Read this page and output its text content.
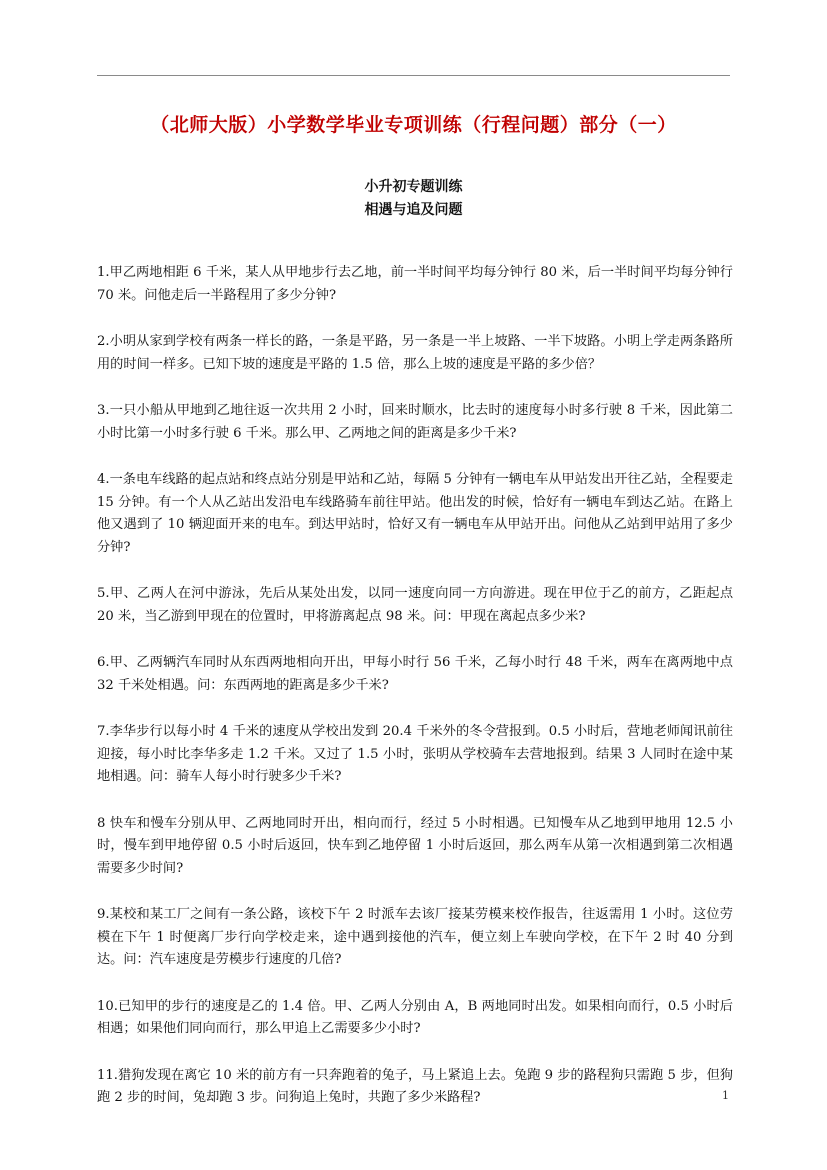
（北师大版）小学数学毕业专项训练（行程问题）部分（一）
小升初专题训练
相遇与追及问题

1.甲乙两地相距 6 千米，某人从甲地步行去乙地，前一半时间平均每分钟行 80 米，后一半时间平均每分钟行 70 米。问他走后一半路程用了多少分钟?

2.小明从家到学校有两条一样长的路，一条是平路，另一条是一半上坡路、一半下坡路。小明上学走两条路所用的时间一样多。已知下坡的速度是平路的 1.5 倍，那么上坡的速度是平路的多少倍？

3.一只小船从甲地到乙地往返一次共用 2 小时，回来时顺水，比去时的速度每小时多行驶 8 千米，因此第二小时比第一小时多行驶 6 千米。那么甲、乙两地之间的距离是多少千米?

4.一条电车线路的起点站和终点站分别是甲站和乙站，每隔 5 分钟有一辆电车从甲站发出开往乙站，全程要走 15 分钟。有一个人从乙站出发沿电车线路骑车前往甲站。他出发的时候，恰好有一辆电车到达乙站。在路上他又遇到了 10 辆迎面开来的电车。到达甲站时，恰好又有一辆电车从甲站开出。问他从乙站到甲站用了多少分钟?

5.甲、乙两人在河中游泳，先后从某处出发，以同一速度向同一方向游进。现在甲位于乙的前方，乙距起点 20 米，当乙游到甲现在的位置时，甲将游离起点 98 米。问：甲现在离起点多少米?

6.甲、乙两辆汽车同时从东西两地相向开出，甲每小时行 56 千米，乙每小时行 48 千米，两车在离两地中点 32 千米处相遇。问：东西两地的距离是多少千米?

7.李华步行以每小时 4 千米的速度从学校出发到 20.4 千米外的冬令营报到。0.5 小时后，营地老师闻讯前往迎接，每小时比李华多走 1.2 千米。又过了 1.5 小时，张明从学校骑车去营地报到。结果 3 人同时在途中某地相遇。问：骑车人每小时行驶多少千米?

8 快车和慢车分别从甲、乙两地同时开出，相向而行，经过 5 小时相遇。已知慢车从乙地到甲地用 12.5 小时，慢车到甲地停留 0.5 小时后返回，快车到乙地停留 1 小时后返回，那么两车从第一次相遇到第二次相遇需要多少时间?

9.某校和某工厂之间有一条公路，该校下午 2 时派车去该厂接某劳模来校作报告，往返需用 1 小时。这位劳模在下午 1 时便离厂步行向学校走来，途中遇到接他的汽车，便立刻上车驶向学校，在下午 2 时 40 分到达。问：汽车速度是劳模步行速度的几倍?

10.已知甲的步行的速度是乙的 1.4 倍。甲、乙两人分别由 A，B 两地同时出发。如果相向而行，0.5 小时后相遇；如果他们同向而行，那么甲追上乙需要多少小时?

11.猎狗发现在离它 10 米的前方有一只奔跑着的兔子，马上紧追上去。兔跑 9 步的路程狗只需跑 5 步，但狗跑 2 步的时间，兔却跑 3 步。问狗追上兔时，共跑了多少米路程?	1
